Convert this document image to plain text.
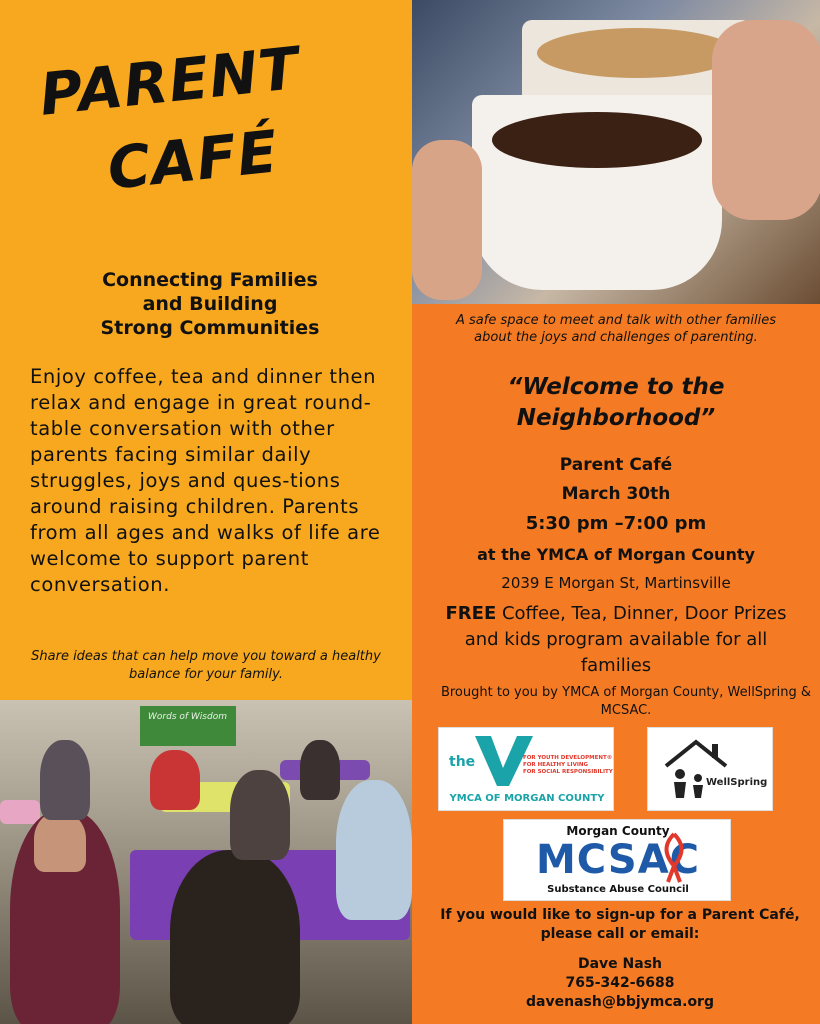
PARENT
CAFÉ
Connecting Families
and Building
Strong Communities
Enjoy coffee, tea and dinner then relax and engage in great round-table conversation with other parents facing similar daily struggles, joys and ques-tions around raising children. Parents from all ages and walks of life are welcome to support parent conversation.
Share ideas that can help move you toward a healthy balance for your family.
A safe space to meet and talk with other families about the joys and challenges of parenting.
“Welcome to the Neighborhood”
Parent Café
March 30th
5:30 pm –7:00 pm
at the YMCA of Morgan County
2039 E Morgan St, Martinsville
FREE Coffee, Tea, Dinner, Door Prizes and kids program available for all families
Brought to you by YMCA of Morgan County, WellSpring & MCSAC.
the	FOR YOUTH DEVELOPMENT®
FOR HEALTHY LIVING
FOR SOCIAL RESPONSIBILITY
YMCA OF MORGAN COUNTY
WellSpring
Morgan County
MCSAC
Substance Abuse Council
If you would like to sign-up for a Parent Café, please call or email:
Dave Nash
765-342-6688
davenash@bbjymca.org
Words of Wisdom
